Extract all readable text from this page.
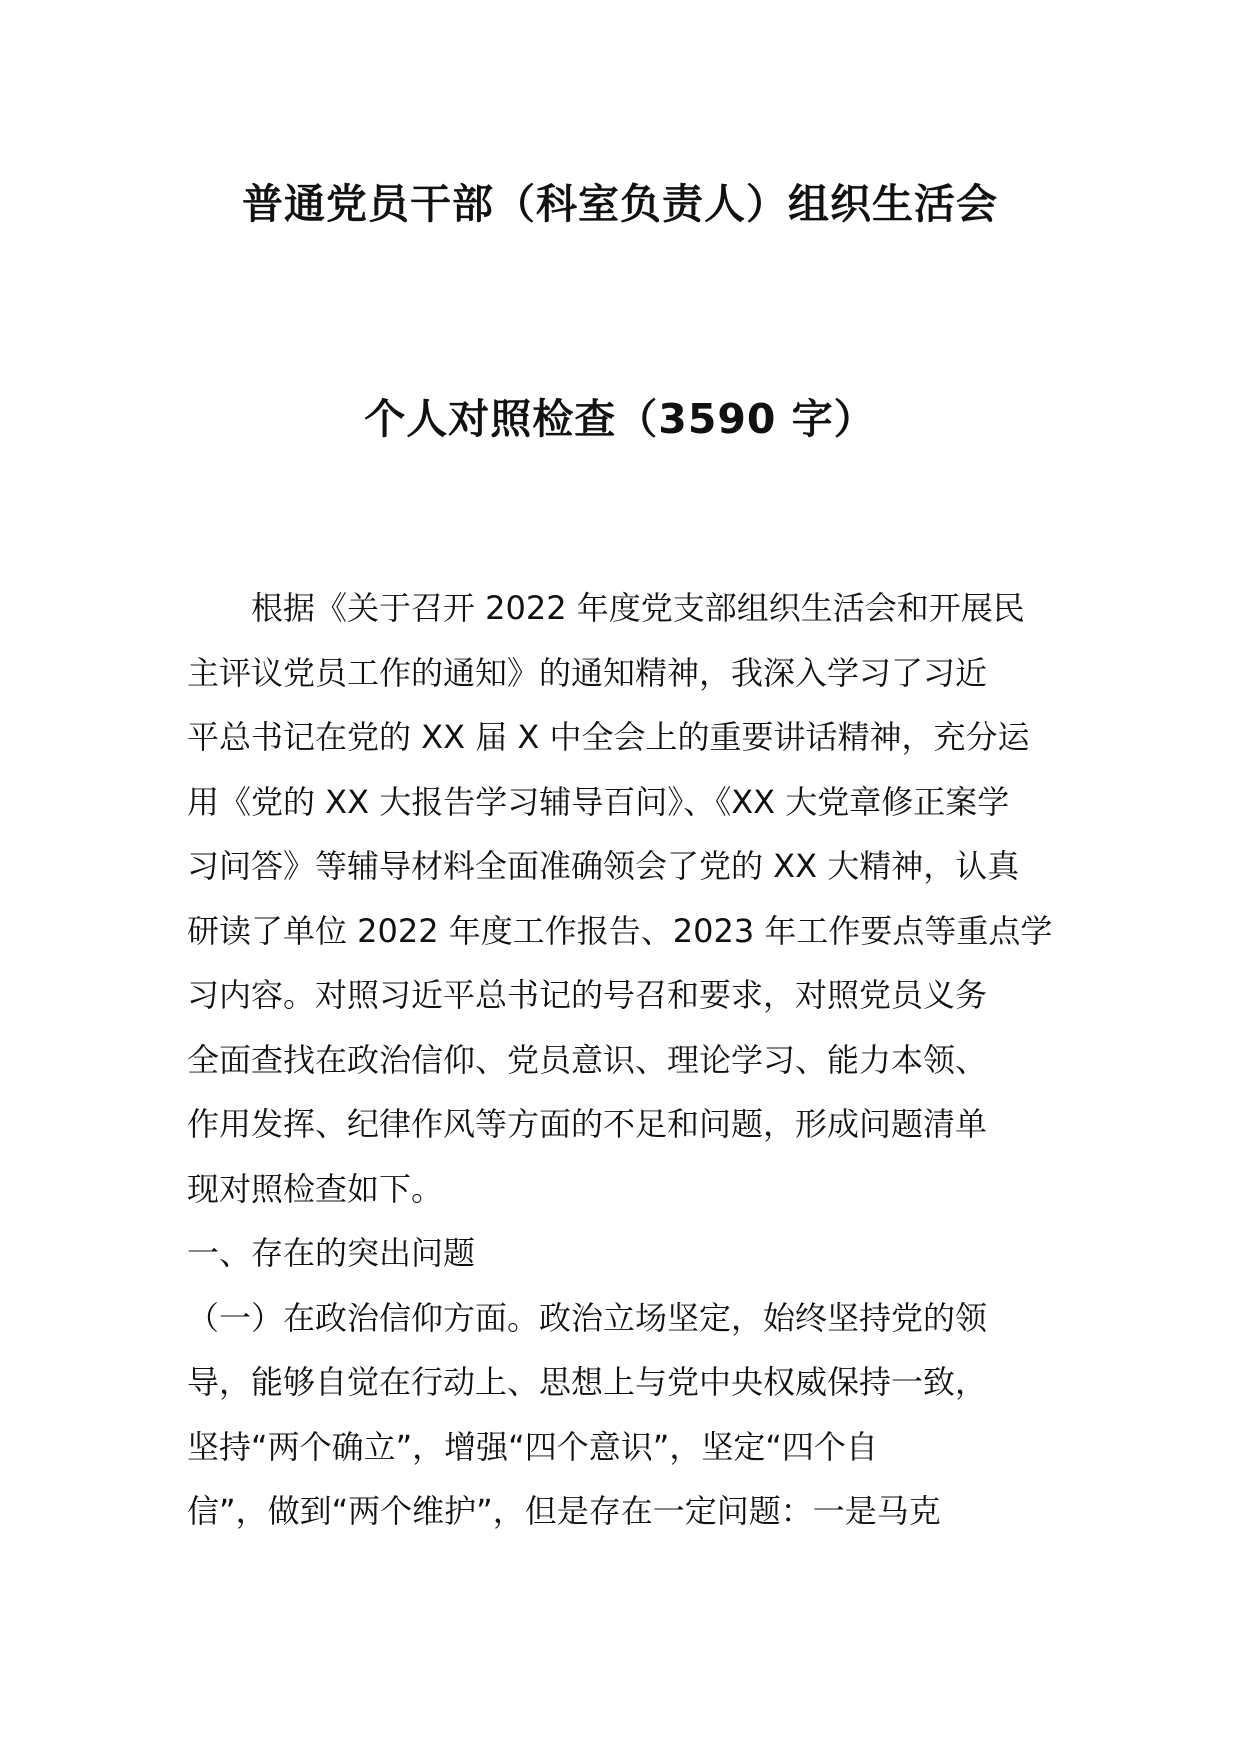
普通党员干部（科室负责人）组织生活会
个人对照检查（3590 字）
根据《关于召开 2022 年度党支部组织生活会和开展民
主评议党员工作的通知》的通知精神，我深入学习了习近
平总书记在党的 XX 届 X 中全会上的重要讲话精神，充分运
用《党的 XX 大报告学习辅导百问》、《XX 大党章修正案学
习问答》等辅导材料全面准确领会了党的 XX 大精神，认真
研读了单位 2022 年度工作报告、2023 年工作要点等重点学
习内容。对照习近平总书记的号召和要求，对照党员义务
全面查找在政治信仰、党员意识、理论学习、能力本领、
作用发挥、纪律作风等方面的不足和问题，形成问题清单
现对照检查如下。
一、存在的突出问题
（一）在政治信仰方面。政治立场坚定，始终坚持党的领
导，能够自觉在行动上、思想上与党中央权威保持一致，
坚持“两个确立”，增强“四个意识”，坚定“四个自
信”，做到“两个维护”，但是存在一定问题：一是马克
